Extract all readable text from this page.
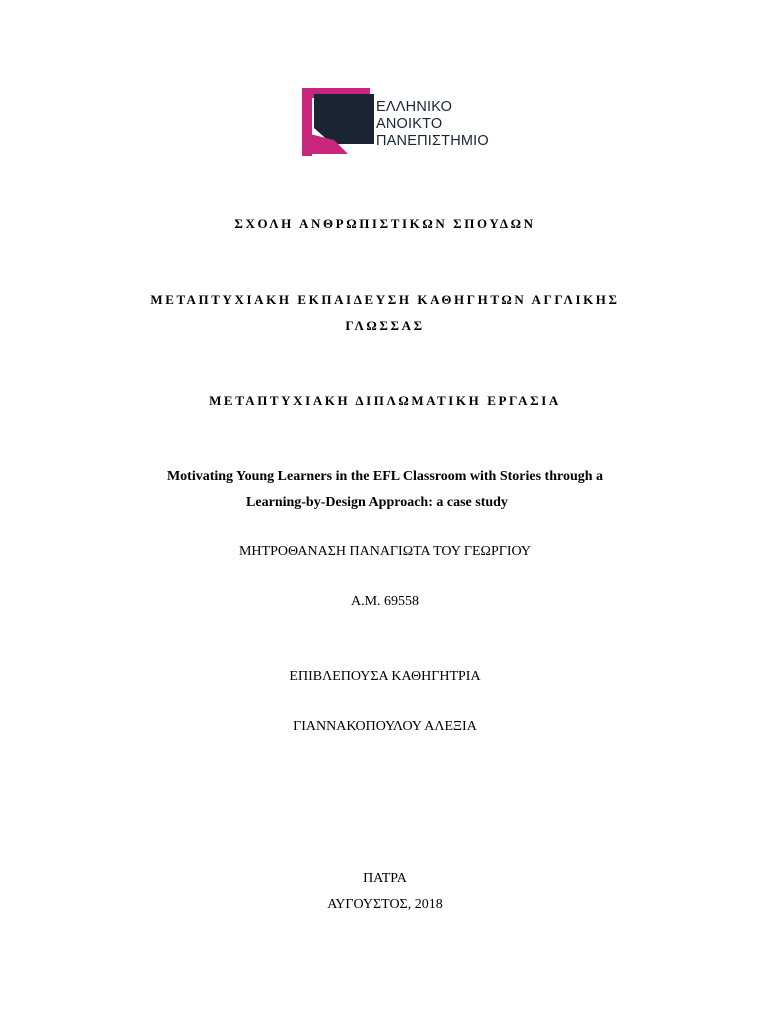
ΕΛΛΗΝΙΚΟ
ΑΝΟΙΚΤΟ
ΠΑΝΕΠΙΣΤΗΜΙΟ
ΣΧΟΛΗ ΑΝΘΡΩΠΙΣΤΙΚΩΝ ΣΠΟΥΔΩΝ
ΜΕΤΑΠΤΥΧΙΑΚΗ ΕΚΠΑΙΔΕΥΣΗ ΚΑΘΗΓΗΤΩΝ ΑΓΓΛΙΚΗΣ
ΓΛΩΣΣΑΣ
ΜΕΤΑΠΤΥΧΙΑΚΗ ΔΙΠΛΩΜΑΤΙΚΗ ΕΡΓΑΣΙΑ
Motivating Young Learners in the EFL Classroom with Stories through a
Learning-by-Design Approach: a case study
ΜΗΤΡΟΘΑΝΑΣΗ ΠΑΝΑΓΙΩΤΑ ΤΟΥ ΓΕΩΡΓΙΟΥ
Α.Μ. 69558
ΕΠΙΒΛΕΠΟΥΣΑ ΚΑΘΗΓΗΤΡΙΑ
ΓΙΑΝΝΑΚΟΠΟΥΛΟΥ ΑΛΕΞΙΑ
ΠΑΤΡΑ
ΑΥΓΟΥΣΤΟΣ, 2018
